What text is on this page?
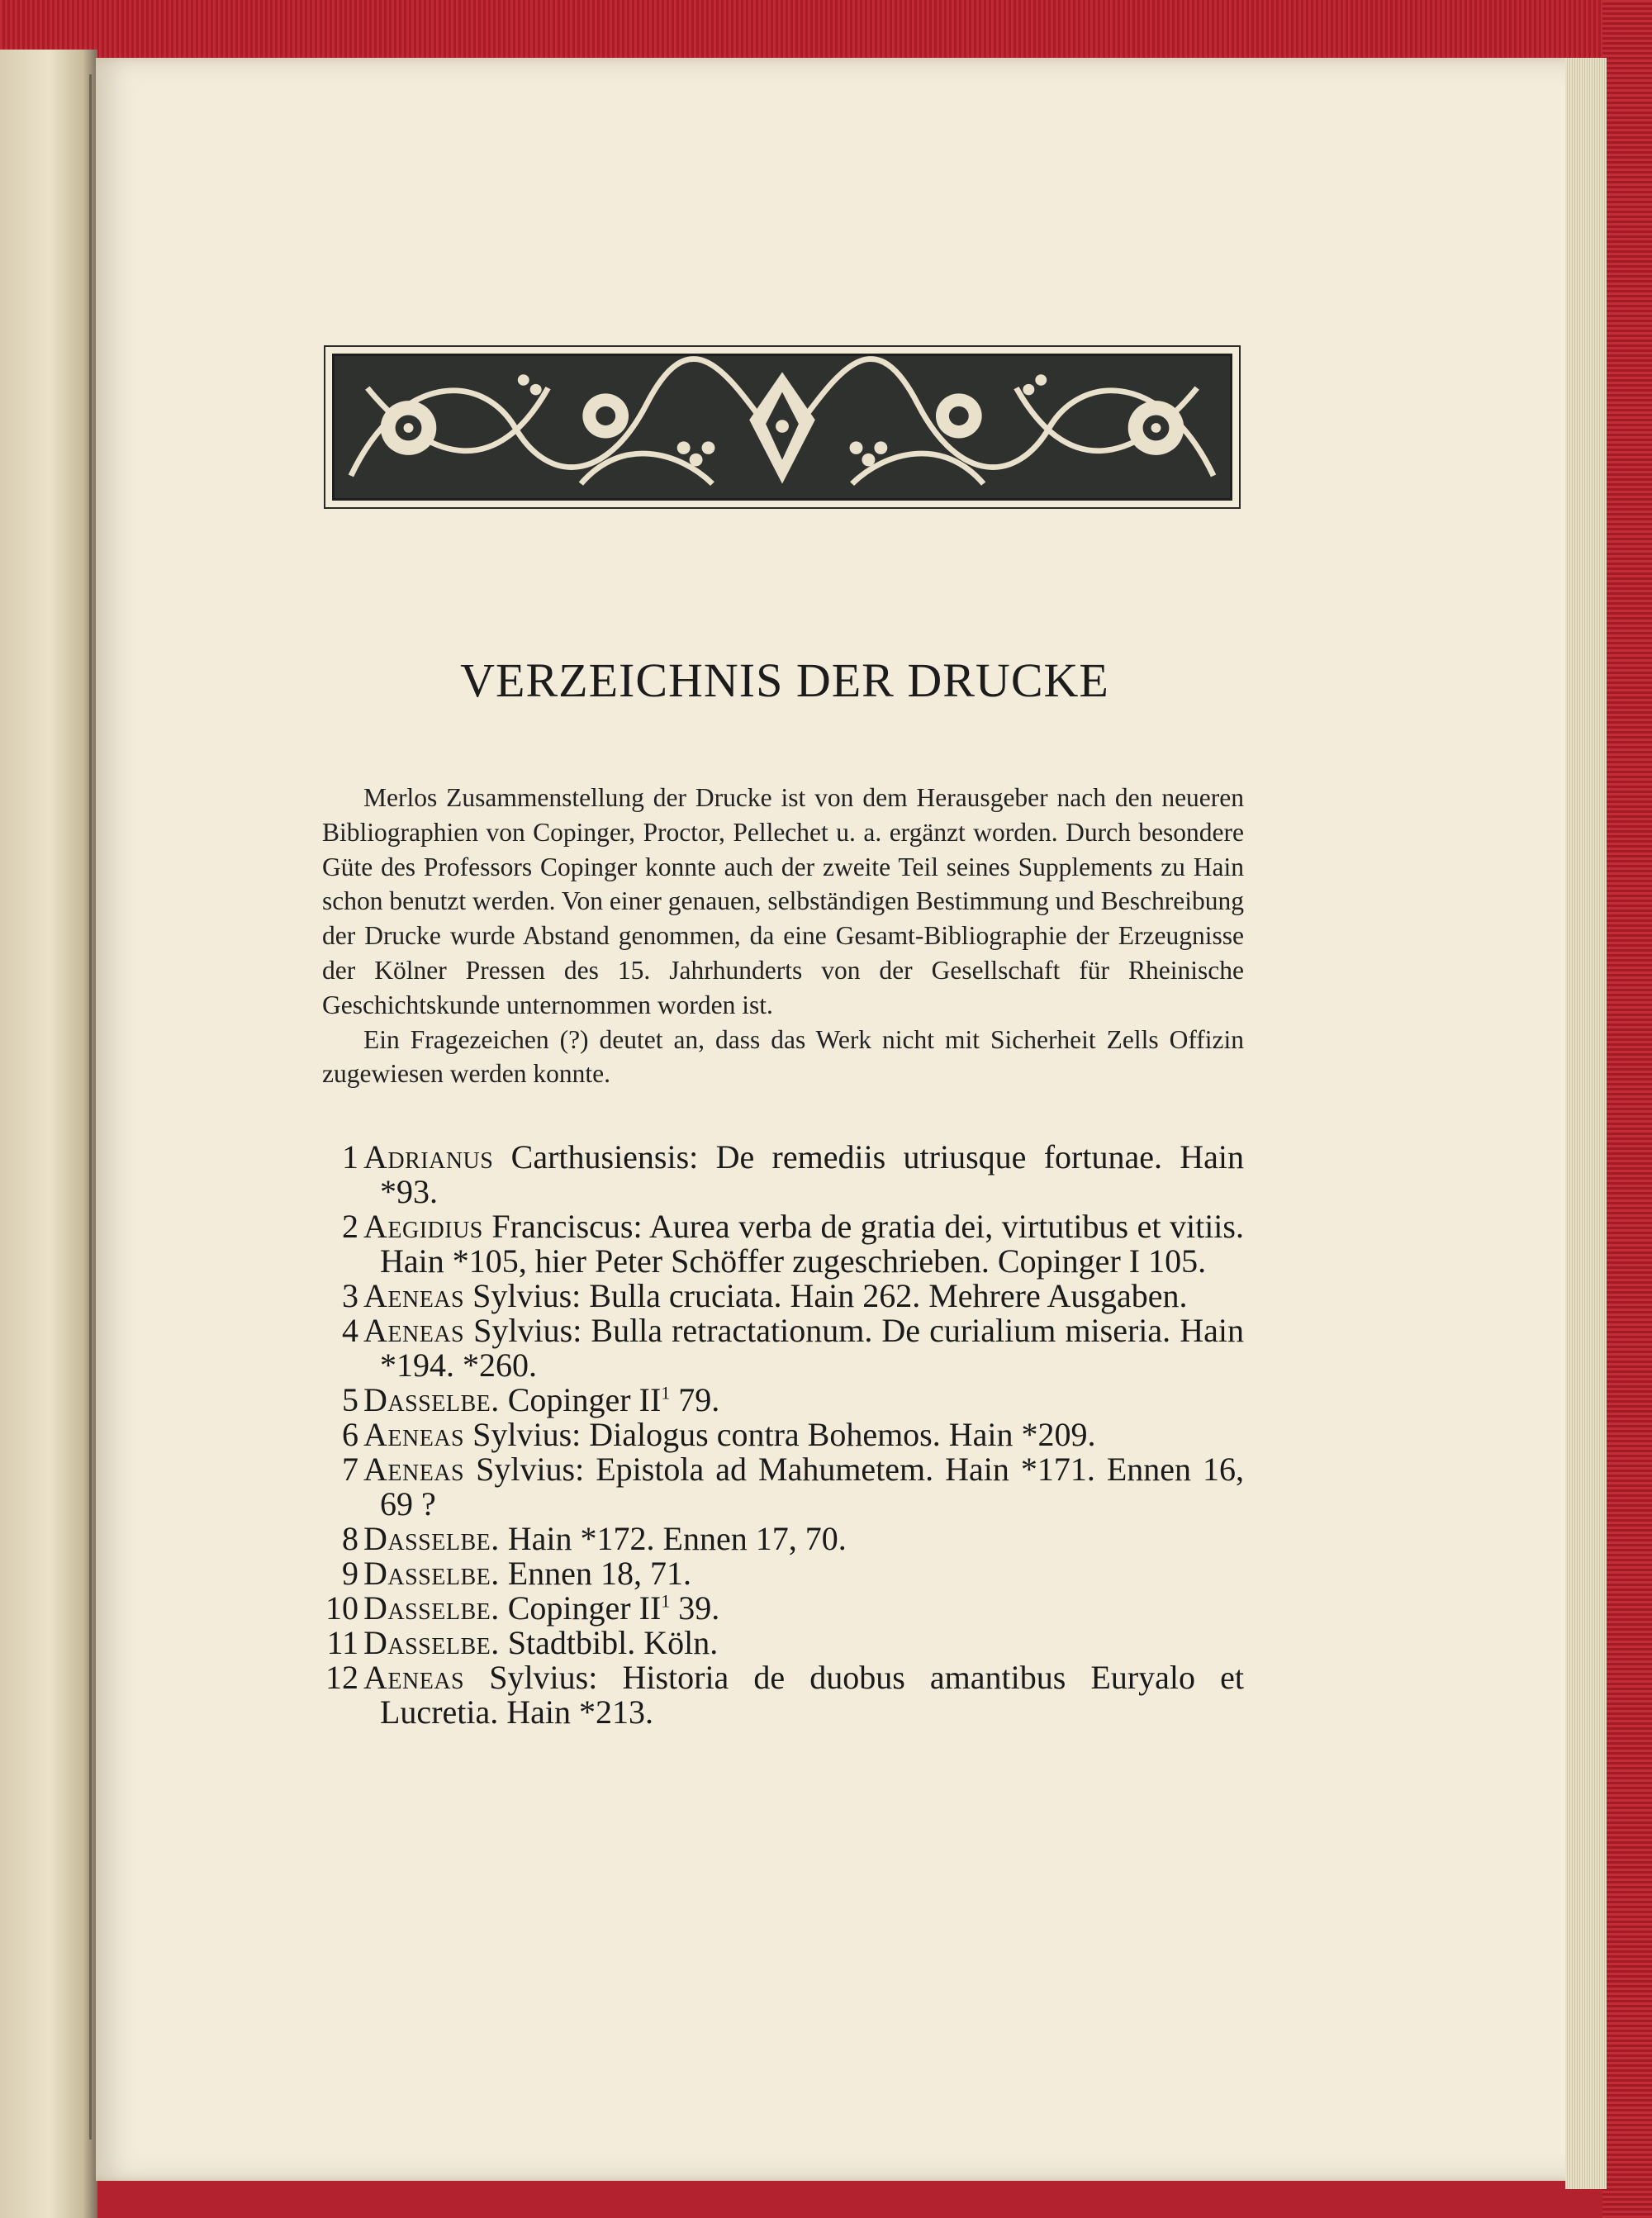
VERZEICHNIS DER DRUCKE

Merlos Zusammenstellung der Drucke ist von dem Herausgeber nach den neueren Bibliographien von Copinger, Proctor, Pellechet u. a. ergänzt worden. Durch besondere Güte des Professors Copinger konnte auch der zweite Teil seines Supplements zu Hain schon benutzt werden. Von einer genauen, selbständigen Bestimmung und Beschreibung der Drucke wurde Abstand genommen, da eine Gesamt-Bibliographie der Erzeugnisse der Kölner Pressen des 15. Jahrhunderts von der Gesellschaft für Rheinische Geschichtskunde unternommen worden ist.

Ein Fragezeichen (?) deutet an, dass das Werk nicht mit Sicherheit Zells Offizin zugewiesen werden konnte.

1 Adrianus Carthusiensis: De remediis utriusque fortunae. Hain *93.

2 Aegidius Franciscus: Aurea verba de gratia dei, virtutibus et vitiis. Hain *105, hier Peter Schöffer zugeschrieben. Copinger I 105.

3 Aeneas Sylvius: Bulla cruciata. Hain 262. Mehrere Ausgaben.

4 Aeneas Sylvius: Bulla retractationum. De curialium miseria. Hain *194. *260.

5 Dasselbe. Copinger $II^1$ 79.

6 Aeneas Sylvius: Dialogus contra Bohemos. Hain *209.

7 Aeneas Sylvius: Epistola ad Mahumetem. Hain *171. Ennen 16, 69 ?

8 Dasselbe. Hain *172. Ennen 17, 70.

9 Dasselbe. Ennen 18, 71.

10 Dasselbe. Copinger $II^1$ 39.

11 Dasselbe. Stadtbibl. Köln.

12 Aeneas Sylvius: Historia de duobus amantibus Euryalo et Lucretia. Hain *213.
